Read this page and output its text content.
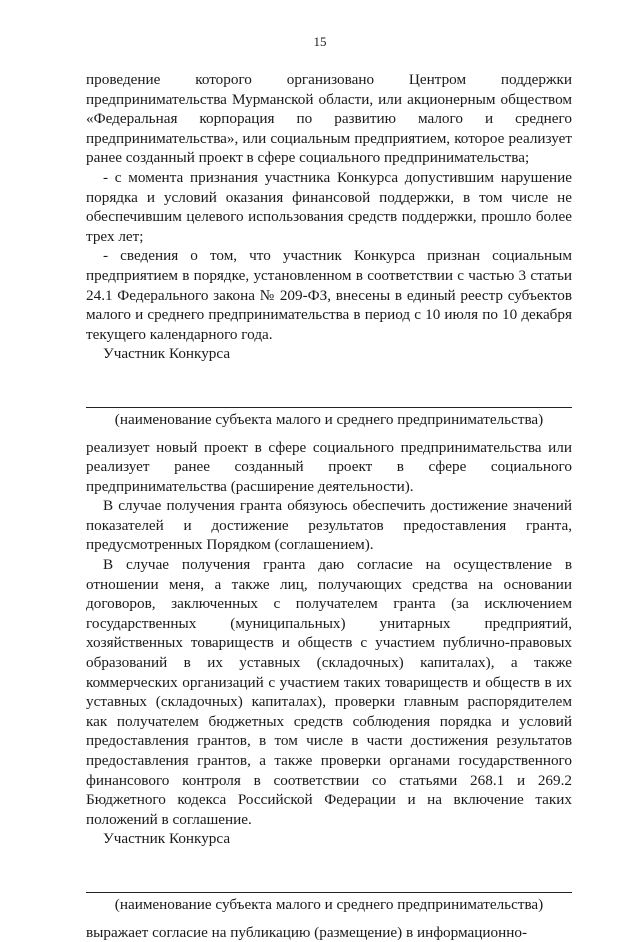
15

проведение которого организовано Центром поддержки предпринимательства Мурманской области, или акционерным обществом «Федеральная корпорация по развитию малого и среднего предпринимательства», или социальным предприятием, которое реализует ранее созданный проект в сфере социального предпринимательства;

- с момента признания участника Конкурса допустившим нарушение порядка и условий оказания финансовой поддержки, в том числе не обеспечившим целевого использования средств поддержки, прошло более трех лет;

- сведения о том, что участник Конкурса признан социальным предприятием в порядке, установленном в соответствии с частью 3 статьи 24.1 Федерального закона № 209-ФЗ, внесены в единый реестр субъектов малого и среднего предпринимательства в период с 10 июля по 10 декабря текущего календарного года.

Участник Конкурса

(наименование субъекта малого и среднего предпринимательства)

реализует новый проект в сфере социального предпринимательства или реализует ранее созданный проект в сфере социального предпринимательства (расширение деятельности).

В случае получения гранта обязуюсь обеспечить достижение значений показателей и достижение результатов предоставления гранта, предусмотренных Порядком (соглашением).

В случае получения гранта даю согласие на осуществление в отношении меня, а также лиц, получающих средства на основании договоров, заключенных с получателем гранта (за исключением государственных (муниципальных) унитарных предприятий, хозяйственных товариществ и обществ с участием публично-правовых образований в их уставных (складочных) капиталах), а также коммерческих организаций с участием таких товариществ и обществ в их уставных (складочных) капиталах), проверки главным распорядителем как получателем бюджетных средств соблюдения порядка и условий предоставления грантов, в том числе в части достижения результатов предоставления грантов, а также проверки органами государственного финансового контроля в соответствии со статьями 268.1 и 269.2 Бюджетного кодекса Российской Федерации и на включение таких положений в соглашение.

Участник Конкурса

(наименование субъекта малого и среднего предпринимательства)

выражает согласие на публикацию (размещение) в информационно-
